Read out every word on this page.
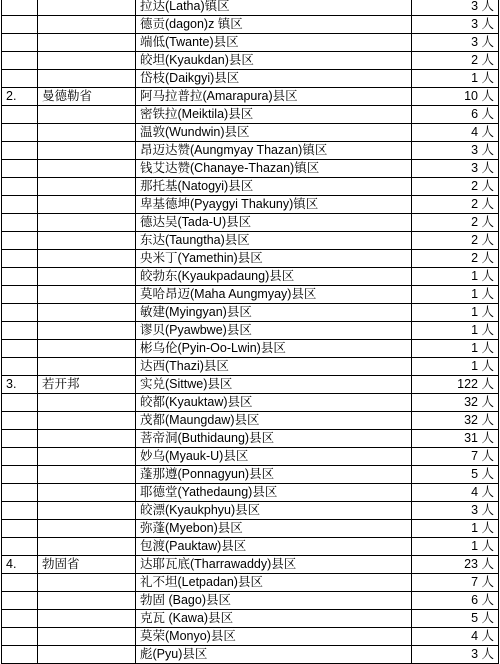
		拉达(Latha)镇区	3 人
		德贡(dagon)z 镇区	3 人
		端低(Twante)县区	3 人
		皎坦(Kyaukdan)县区	2 人
		岱枝(Daikgyi)县区	1 人
2.	曼德勒省	阿马拉普拉(Amarapura)县区	10 人
		密铁拉(Meiktila)县区	6 人
		温敦(Wundwin)县区	4 人
		昂迈达赞(Aungmyay Thazan)镇区	3 人
		钱艾达赞(Chanaye-Thazan)镇区	3 人
		那托基(Natogyi)县区	2 人
		卑基德坤(Pyaygyi Thakuny)镇区	2 人
		德达吴(Tada-U)县区	2 人
		东达(Taungtha)县区	2 人
		央米丁(Yamethin)县区	2 人
		皎勃东(Kyaukpadaung)县区	1 人
		莫哈昂迈(Maha Aungmyay)县区	1 人
		敏建(Myingyan)县区	1 人
		谬贝(Pyawbwe)县区	1 人
		彬乌伦(Pyin-Oo-Lwin)县区	1 人
		达西(Thazi)县区	1 人
3.	若开邦	实兑(Sittwe)县区	122 人
		皎都(Kyauktaw)县区	32 人
		茂都(Maungdaw)县区	32 人
		菩帝洞(Buthidaung)县区	31 人
		妙乌(Myauk-U)县区	7 人
		蓬那遵(Ponnagyun)县区	5 人
		耶德堂(Yathedaung)县区	4 人
		皎漂(Kyaukphyu)县区	3 人
		弥蓬(Myebon)县区	1 人
		包渡(Pauktaw)县区	1 人
4.	勃固省	达耶瓦底(Tharrawaddy)县区	23 人
		礼不坦(Letpadan)县区	7 人
		勃固 (Bago)县区	6 人
		克瓦 (Kawa)县区	5 人
		莫荣(Monyo)县区	4 人
		彪(Pyu)县区	3 人
